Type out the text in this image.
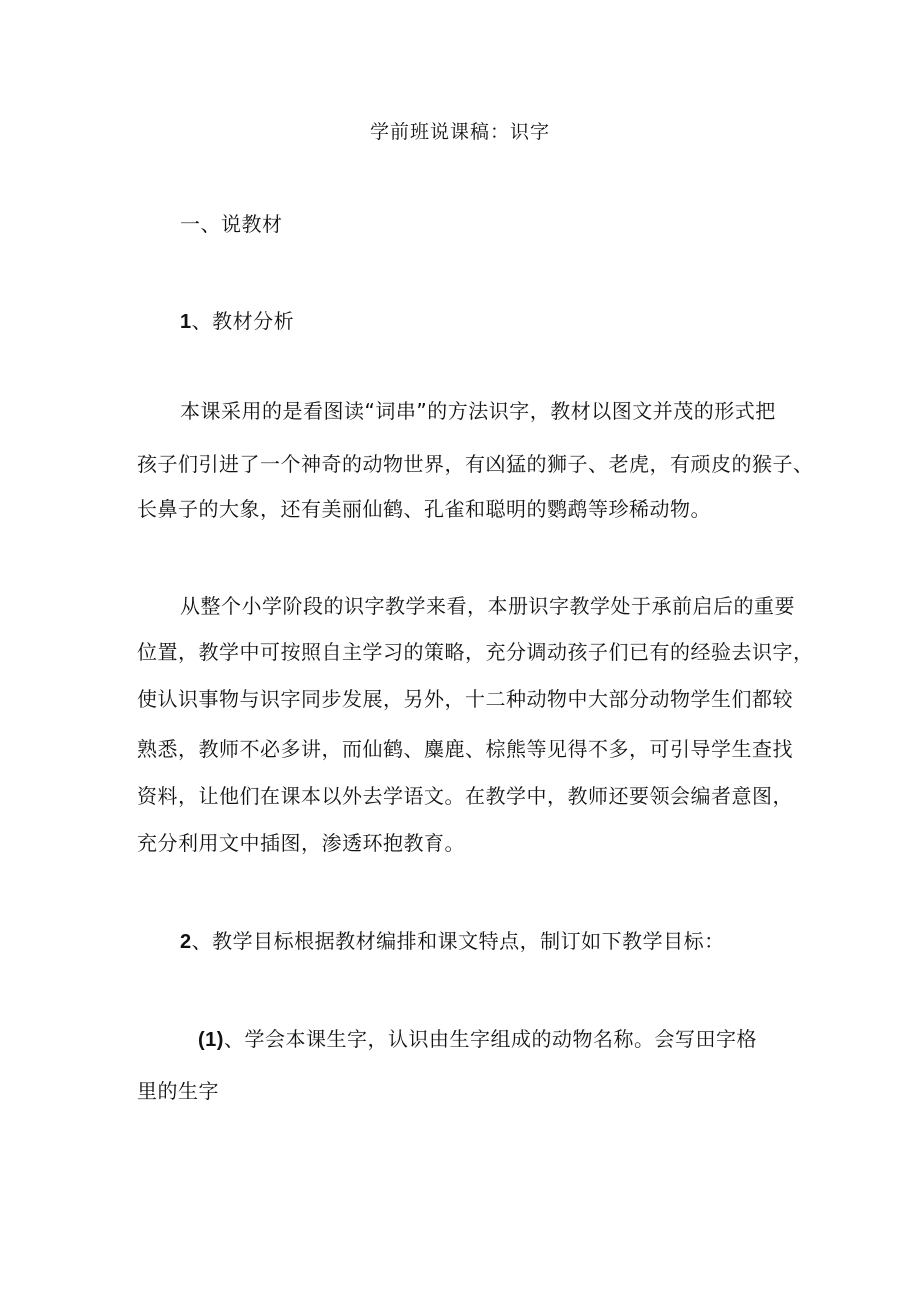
学前班说课稿：识字
一、说教材
1、教材分析
本课采用的是看图读“词串”的方法识字，教材以图文并茂的形式把
孩子们引进了一个神奇的动物世界，有凶猛的狮子、老虎，有顽皮的猴子、
长鼻子的大象，还有美丽仙鹤、孔雀和聪明的鹦鹉等珍稀动物。
从整个小学阶段的识字教学来看，本册识字教学处于承前启后的重要
位置，教学中可按照自主学习的策略，充分调动孩子们已有的经验去识字，
使认识事物与识字同步发展，另外，十二种动物中大部分动物学生们都较
熟悉，教师不必多讲，而仙鹤、麋鹿、棕熊等见得不多，可引导学生查找
资料，让他们在课本以外去学语文。在教学中，教师还要领会编者意图，
充分利用文中插图，渗透环抱教育。
2、教学目标根据教材编排和课文特点，制订如下教学目标：
(1)、学会本课生字，认识由生字组成的动物名称。会写田字格
里的生字
